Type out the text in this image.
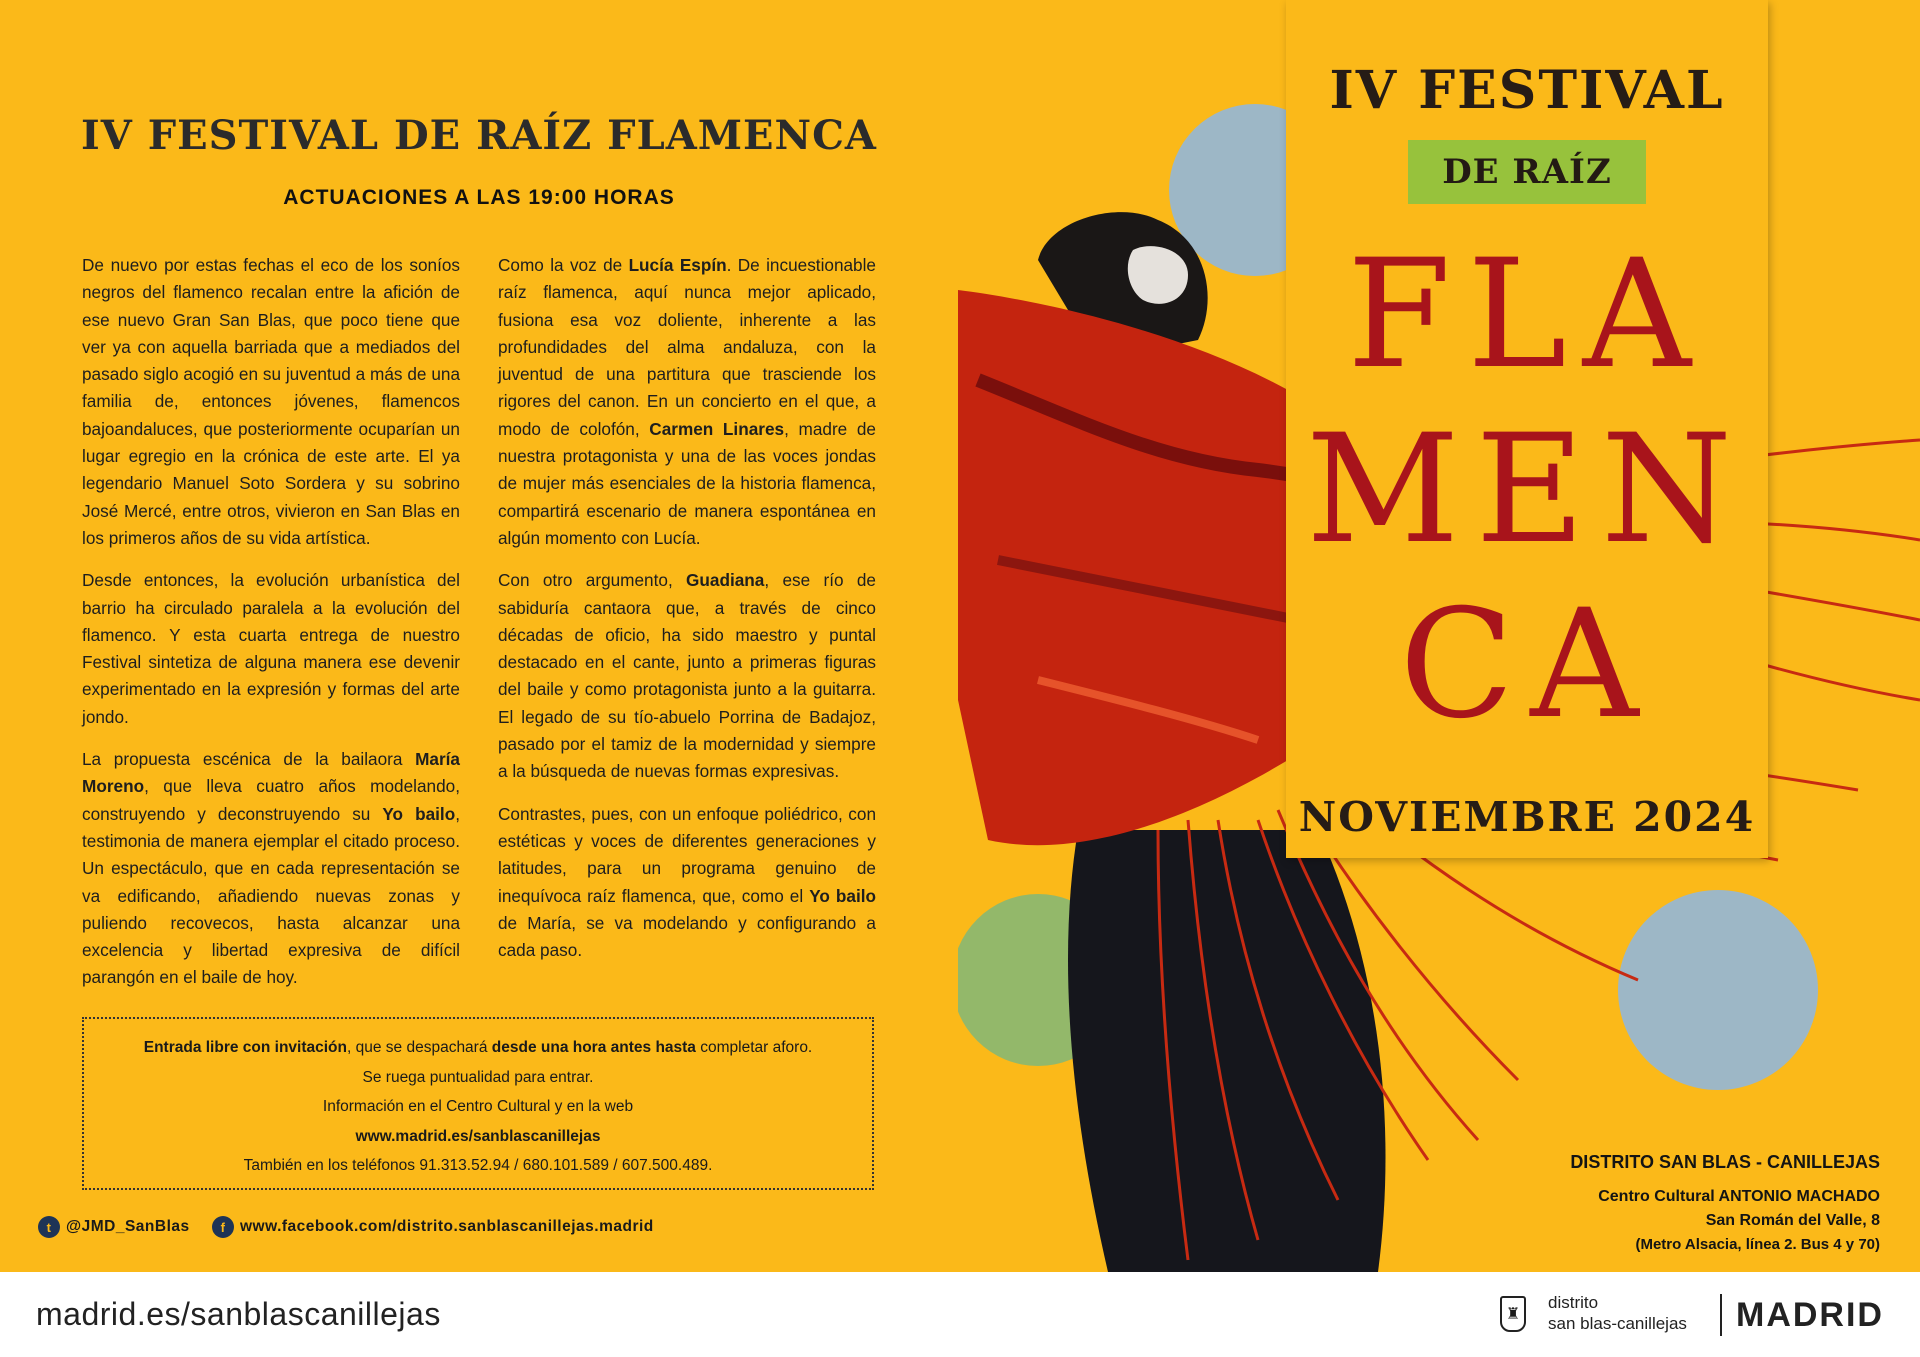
IV FESTIVAL DE RAÍZ FLAMENCA
ACTUACIONES A LAS 19:00 HORAS

De nuevo por estas fechas el eco de los soníos negros del flamenco recalan entre la afición de ese nuevo Gran San Blas, que poco tiene que ver ya con aquella barriada que a mediados del pasado siglo acogió en su juventud a más de una familia de, entonces jóvenes, flamencos bajoandaluces, que posteriormente ocuparían un lugar egregio en la crónica de este arte. El ya legendario Manuel Soto Sordera y su sobrino José Mercé, entre otros, vivieron en San Blas en los primeros años de su vida artística.

Desde entonces, la evolución urbanística del barrio ha circulado paralela a la evolución del flamenco. Y esta cuarta entrega de nuestro Festival sintetiza de alguna manera ese devenir experimentado en la expresión y formas del arte jondo.

La propuesta escénica de la bailaora María Moreno, que lleva cuatro años modelando, construyendo y deconstruyendo su Yo bailo, testimonia de manera ejemplar el citado proceso. Un espectáculo, que en cada representación se va edificando, añadiendo nuevas zonas y puliendo recovecos, hasta alcanzar una excelencia y libertad expresiva de difícil parangón en el baile de hoy.

Como la voz de Lucía Espín. De incuestionable raíz flamenca, aquí nunca mejor aplicado, fusiona esa voz doliente, inherente a las profundidades del alma andaluza, con la juventud de una partitura que trasciende los rigores del canon. En un concierto en el que, a modo de colofón, Carmen Linares, madre de nuestra protagonista y una de las voces jondas de mujer más esenciales de la historia flamenca, compartirá escenario de manera espontánea en algún momento con Lucía.

Con otro argumento, Guadiana, ese río de sabiduría cantaora que, a través de cinco décadas de oficio, ha sido maestro y puntal destacado en el cante, junto a primeras figuras del baile y como protagonista junto a la guitarra. El legado de su tío-abuelo Porrina de Badajoz, pasado por el tamiz de la modernidad y siempre a la búsqueda de nuevas formas expresivas.

Contrastes, pues, con un enfoque poliédrico, con estéticas y voces de diferentes generaciones y latitudes, para un programa genuino de inequívoca raíz flamenca, que, como el Yo bailo de María, se va modelando y configurando a cada paso.

Entrada libre con invitación, que se despachará desde una hora antes hasta completar aforo.
Se ruega puntualidad para entrar.
Información en el Centro Cultural y en la web
www.madrid.es/sanblascanillejas
También en los teléfonos 91.313.52.94 / 680.101.589 / 607.500.489.
t @JMD_SanBlas	f www.facebook.com/distrito.sanblascanillejas.madrid
IV FESTIVAL
DE RAÍZ
FLA
MEN
CA
NOVIEMBRE 2024
DISTRITO SAN BLAS - CANILLEJAS
Centro Cultural ANTONIO MACHADO
San Román del Valle, 8
(Metro Alsacia, línea 2. Bus 4 y 70)
madrid.es/sanblascanillejas	♜
distrito
san blas-canillejas MADRID
